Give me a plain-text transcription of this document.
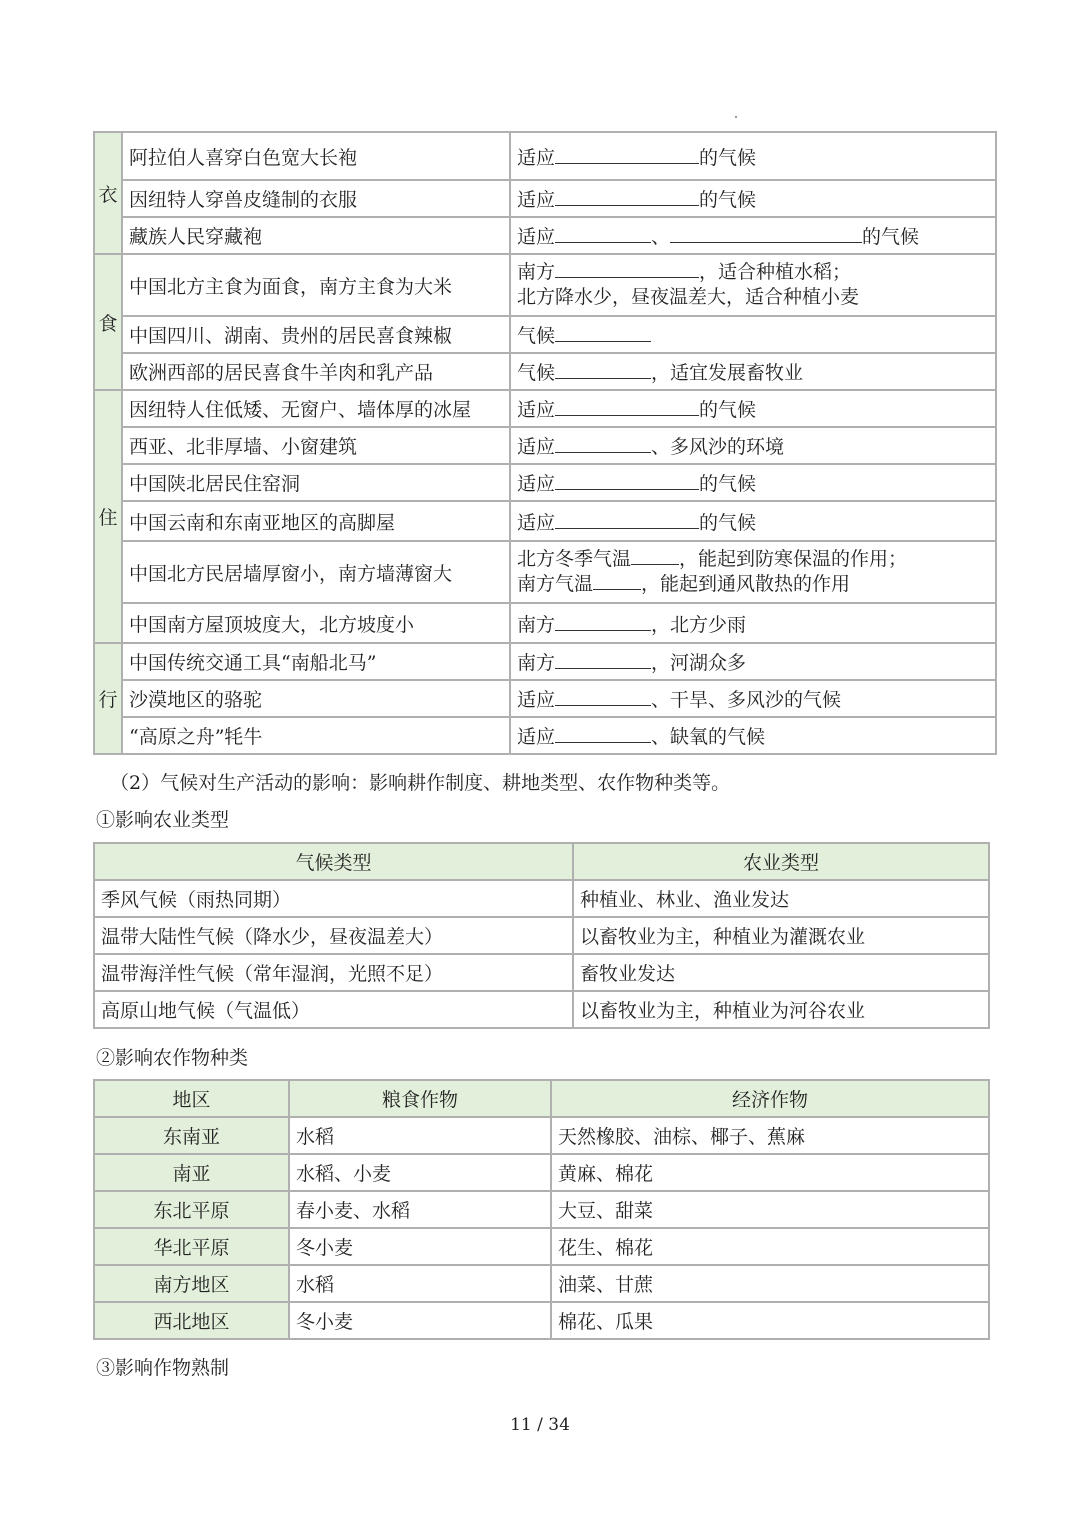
衣	阿拉伯人喜穿白色宽大长袍	适应 的气候
	因纽特人穿兽皮缝制的衣服	适应 的气候
	藏族人民穿藏袍	适应 、 的气候
食	中国北方主食为面食，南方主食为大米	南方 ，适合种植水稻；
北方降水少，昼夜温差大，适合种植小麦
	中国四川、湖南、贵州的居民喜食辣椒	气候
	欧洲西部的居民喜食牛羊肉和乳产品	气候 ，适宜发展畜牧业
住	因纽特人住低矮、无窗户、墙体厚的冰屋	适应 的气候
	西亚、北非厚墙、小窗建筑	适应 、多风沙的环境
	中国陕北居民住窑洞	适应 的气候
	中国云南和东南亚地区的高脚屋	适应 的气候
	中国北方民居墙厚窗小，南方墙薄窗大	北方冬季气温 ，能起到防寒保温的作用；
南方气温 ，能起到通风散热的作用
	中国南方屋顶坡度大，北方坡度小	南方 ，北方少雨
行	中国传统交通工具“南船北马”	南方 ，河湖众多
	沙漠地区的骆驼	适应 、干旱、多风沙的气候
	“高原之舟”牦牛	适应 、缺氧的气候
（2）气候对生产活动的影响：影响耕作制度、耕地类型、农作物种类等。
①影响农业类型
气候类型	农业类型
季风气候（雨热同期）	种植业、林业、渔业发达
温带大陆性气候（降水少，昼夜温差大）	以畜牧业为主，种植业为灌溉农业
温带海洋性气候（常年湿润，光照不足）	畜牧业发达
高原山地气候（气温低）	以畜牧业为主，种植业为河谷农业
②影响农作物种类
地区	粮食作物	经济作物
东南亚	水稻	天然橡胶、油棕、椰子、蕉麻
南亚	水稻、小麦	黄麻、棉花
东北平原	春小麦、水稻	大豆、甜菜
华北平原	冬小麦	花生、棉花
南方地区	水稻	油菜、甘蔗
西北地区	冬小麦	棉花、瓜果
③影响作物熟制
11 / 34
